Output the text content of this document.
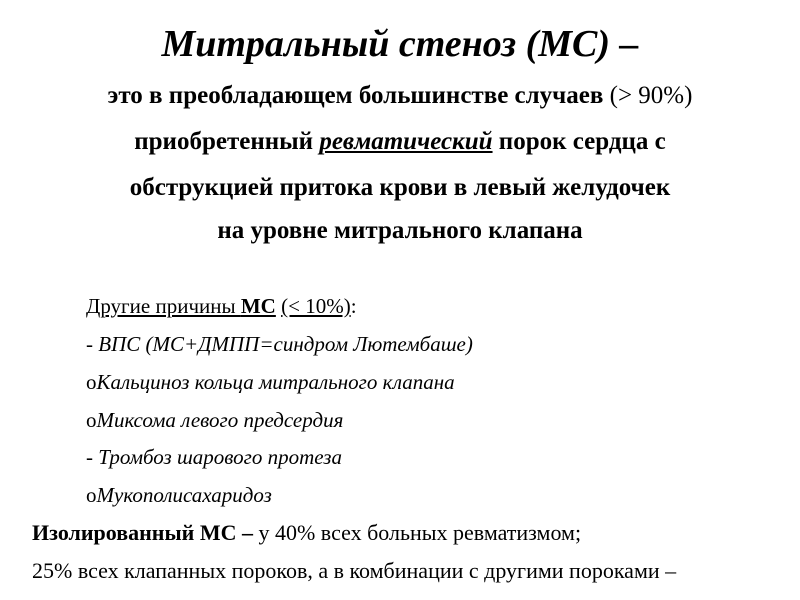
Митральный стеноз (МС) –
это в преобладающем большинстве случаев (> 90%)
приобретенный ревматический порок сердца с
обструкцией притока крови в левый желудочек
на уровне митрального клапана
Другие причины МС (< 10%):
- ВПС (МС+ДМПП=синдром Лютембаше)
oКальциноз кольца митрального клапана
oМиксома левого предсердия
- Тромбоз шарового протеза
oМукополисахаридоз
Изолированный МС – у 40% всех больных ревматизмом;
25% всех клапанных пороков, а в комбинации с другими пороками –
